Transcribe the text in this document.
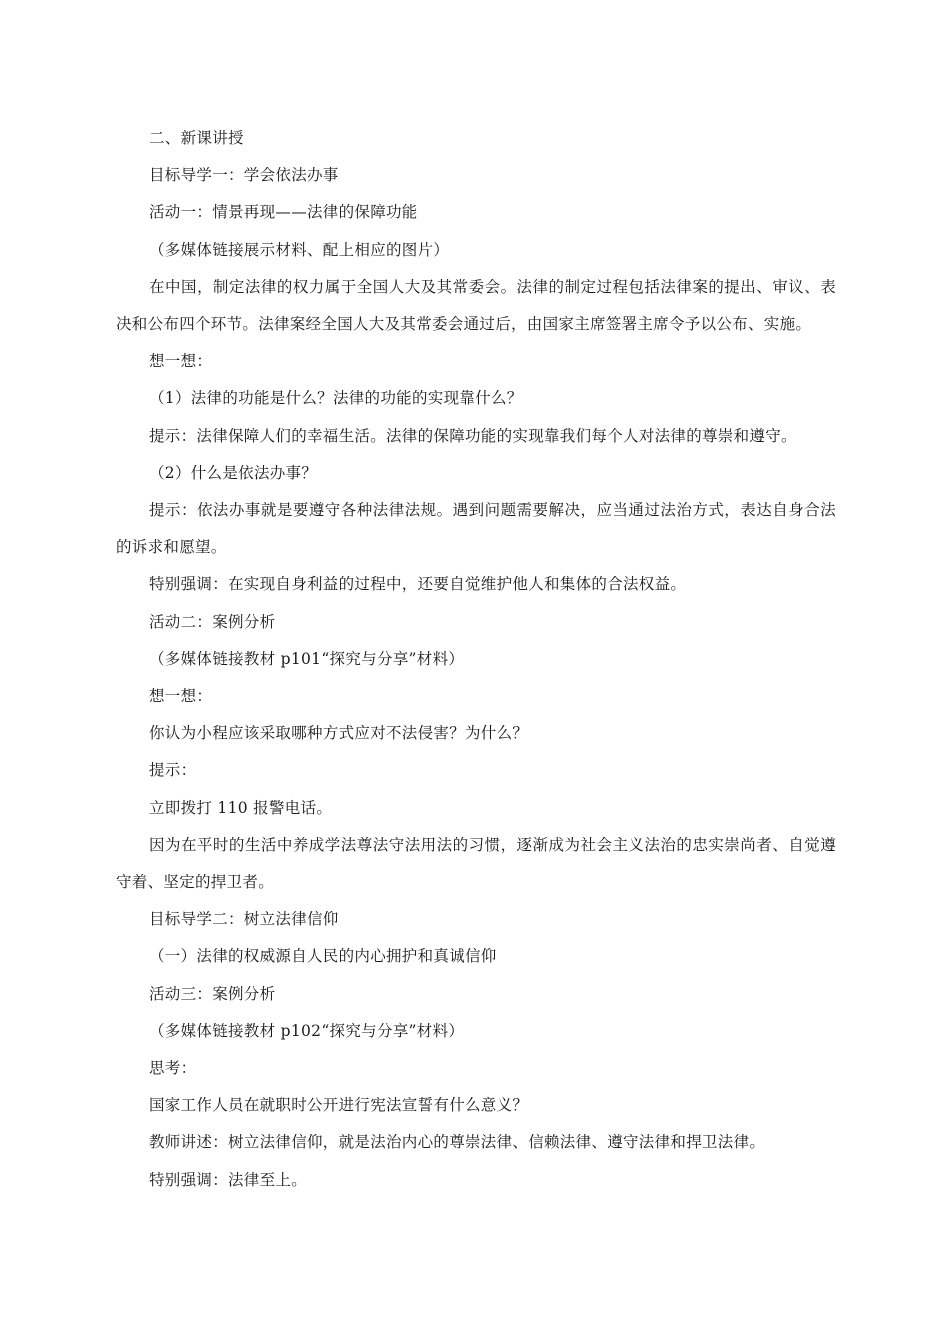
二、新课讲授
目标导学一：学会依法办事
活动一：情景再现——法律的保障功能
（多媒体链接展示材料、配上相应的图片）
在中国，制定法律的权力属于全国人大及其常委会。法律的制定过程包括法律案的提出、审议、表决和公布四个环节。法律案经全国人大及其常委会通过后，由国家主席签署主席令予以公布、实施。
想一想：
（1）法律的功能是什么？法律的功能的实现靠什么？
提示：法律保障人们的幸福生活。法律的保障功能的实现靠我们每个人对法律的尊崇和遵守。
（2）什么是依法办事？
提示：依法办事就是要遵守各种法律法规。遇到问题需要解决，应当通过法治方式，表达自身合法的诉求和愿望。
特别强调：在实现自身利益的过程中，还要自觉维护他人和集体的合法权益。
活动二：案例分析
（多媒体链接教材 p101“探究与分享”材料）
想一想：
你认为小程应该采取哪种方式应对不法侵害？为什么？
提示：
立即拨打 110 报警电话。
因为在平时的生活中养成学法尊法守法用法的习惯，逐渐成为社会主义法治的忠实崇尚者、自觉遵守着、坚定的捍卫者。
目标导学二：树立法律信仰
（一）法律的权威源自人民的内心拥护和真诚信仰
活动三：案例分析
（多媒体链接教材 p102“探究与分享”材料）
思考：
国家工作人员在就职时公开进行宪法宣誓有什么意义？
教师讲述：树立法律信仰，就是法治内心的尊崇法律、信赖法律、遵守法律和捍卫法律。
特别强调：法律至上。
